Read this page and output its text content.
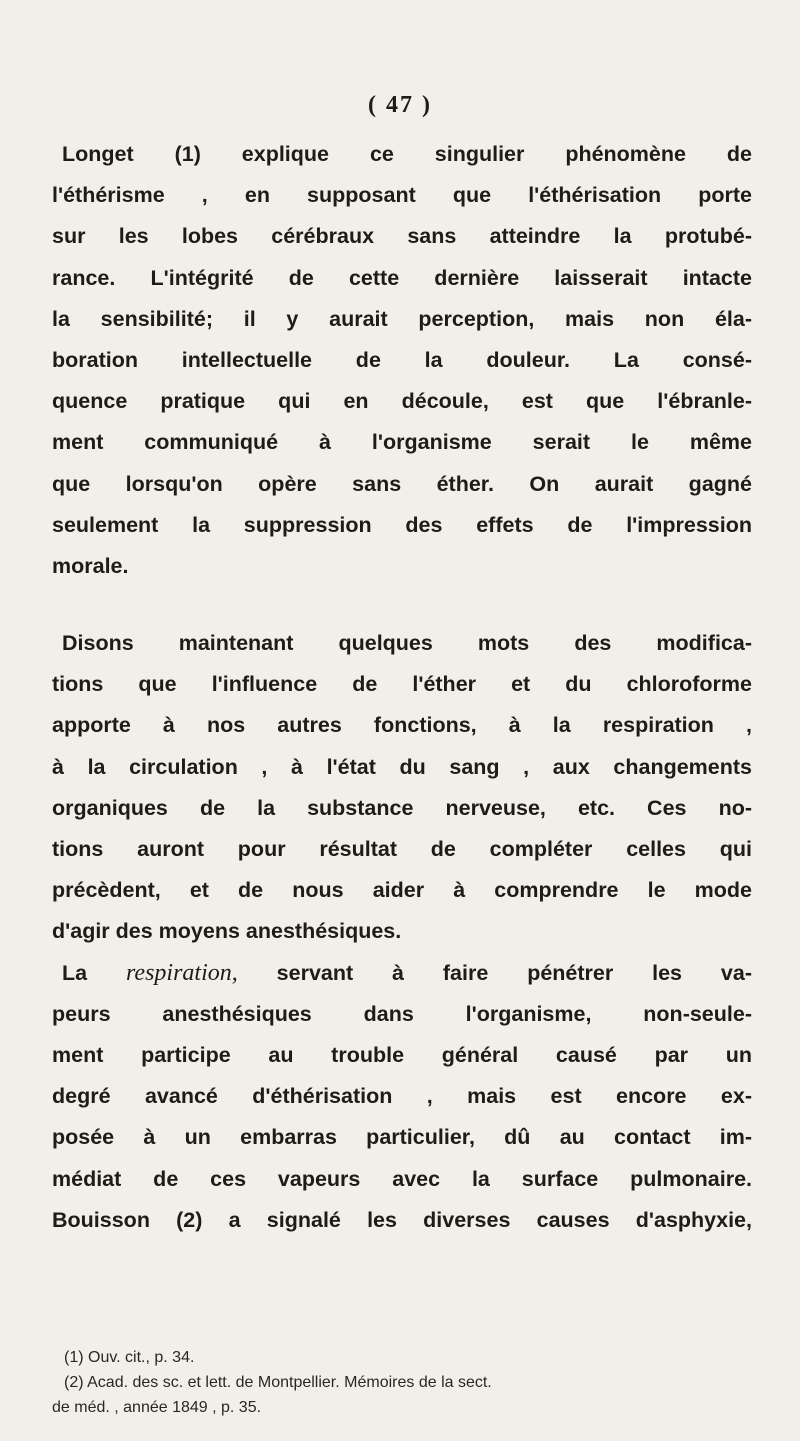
( 47 )
Longet (1) explique ce singulier phénomène de
l'éthérisme , en supposant que l'éthérisation porte
sur les lobes cérébraux sans atteindre la protubé-
rance. L'intégrité de cette dernière laisserait intacte
la sensibilité; il y aurait perception, mais non éla-
boration intellectuelle de la douleur. La consé-
quence pratique qui en découle, est que l'ébranle-
ment communiqué à l'organisme serait le même
que lorsqu'on opère sans éther. On aurait gagné
seulement la suppression des effets de l'impression
morale.
Disons maintenant quelques mots des modifica-
tions que l'influence de l'éther et du chloroforme
apporte à nos autres fonctions, à la respiration ,
à la circulation , à l'état du sang , aux changements
organiques de la substance nerveuse, etc. Ces no-
tions auront pour résultat de compléter celles qui
précèdent, et de nous aider à comprendre le mode
d'agir des moyens anesthésiques.
La respiration, servant à faire pénétrer les va-
peurs anesthésiques dans l'organisme, non-seule-
ment participe au trouble général causé par un
degré avancé d'éthérisation , mais est encore ex-
posée à un embarras particulier, dû au contact im-
médiat de ces vapeurs avec la surface pulmonaire.
Bouisson (2) a signalé les diverses causes d'asphyxie,
(1) Ouv. cit., p. 34.
(2) Acad. des sc. et lett. de Montpellier. Mémoires de la sect.
de méd. , année 1849 , p. 35.
